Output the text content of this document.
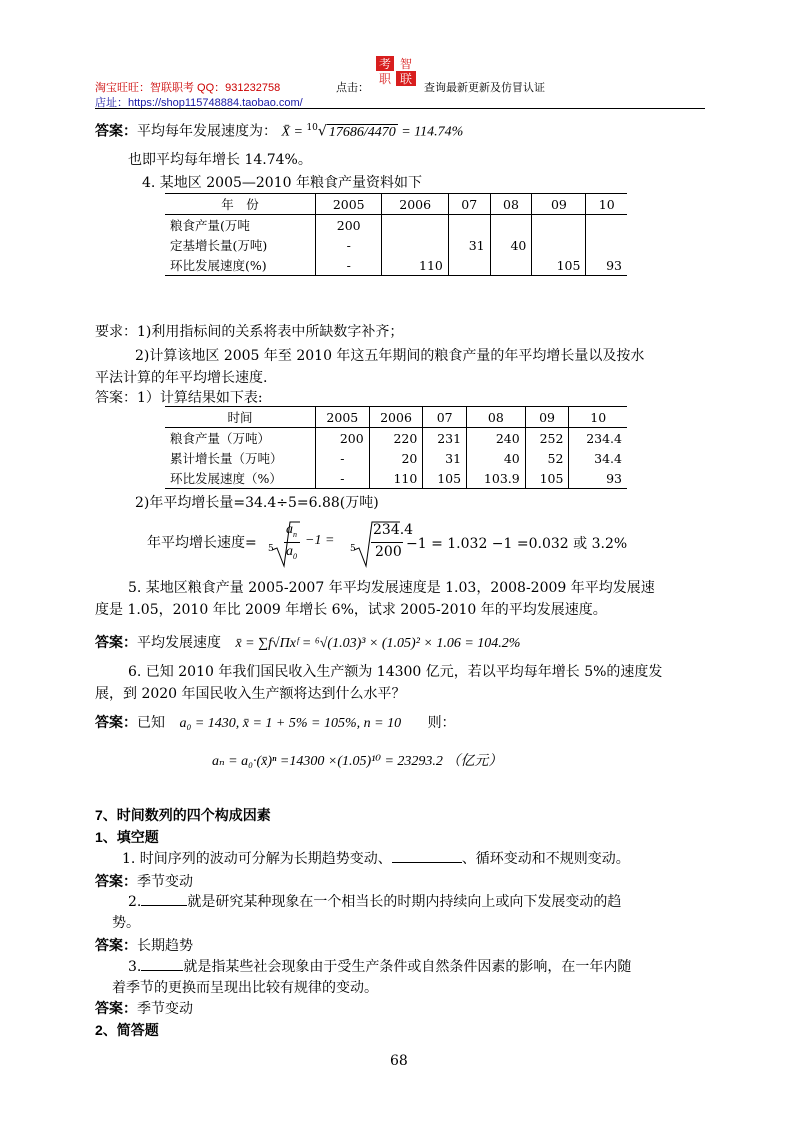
淘宝旺旺：智联职考 QQ：931232758	点击：
考 智
职 联
查询最新更新及仿冒认证
店址：https://shop115748884.taobao.com/
答案：平均每年发展速度为： X̄ = $^{10}$√ 17686/4470 = 114.74%
也即平均每年增长 14.74%。
4. 某地区 2005—2010 年粮食产量资料如下
年　份	2005	2006	07	08	09	10
粮食产量(万吨	200					
定基增长量(万吨)	-		31	40		
环比发展速度(%)	-	110			105	93
要求：1)利用指标间的关系将表中所缺数字补齐；
2)计算该地区 2005 年至 2010 年这五年期间的粮食产量的年平均增长量以及按水
平法计算的年平均增长速度.
答案：1）计算结果如下表:
时间	2005	2006	07	08	09	10
粮食产量（万吨）	200	220	231	240	252	234.4
累计增长量（万吨）	-	20	31	40	52	34.4
环比发展速度（%）	-	110	105	103.9	105	93
2)年平均增长量=34.4÷5=6.88(万吨)
年平均增长速度= 5
$a_n$
$a_0$
−1 =
5
234.4
200 −1 = 1.032 −1 =0.032 或 3.2%
5. 某地区粮食产量 2005-2007 年平均发展速度是 1.03，2008-2009 年平均发展速
度是 1.05，2010 年比 2009 年增长 6%，试求 2005-2010 年的平均发展速度。
答案：平均发展速度 x̄ = ∑f√Πxᶠ = ⁶√(1.03)³ × (1.05)² × 1.06 = 104.2%
6. 已知 2010 年我们国民收入生产额为 14300 亿元，若以平均每年增长 5%的速度发
展，到 2020 年国民收入生产额将达到什么水平？
答案：已知 a₀ = 1430, x̄ = 1 + 5% = 105%, n = 10 则：
aₙ = a₀·(x̄)ⁿ =14300 ×(1.05)¹⁰ = 23293.2 （亿元）
7、时间数列的四个构成因素
1、填空题
1. 时间序列的波动可分解为长期趋势变动、	、循环变动和不规则变动。
答案：季节变动
2.	就是研究某种现象在一个相当长的时期内持续向上或向下发展变动的趋
势。
答案：长期趋势
3.	就是指某些社会现象由于受生产条件或自然条件因素的影响，在一年内随
着季节的更换而呈现出比较有规律的变动。
答案：季节变动
2、简答题
68
